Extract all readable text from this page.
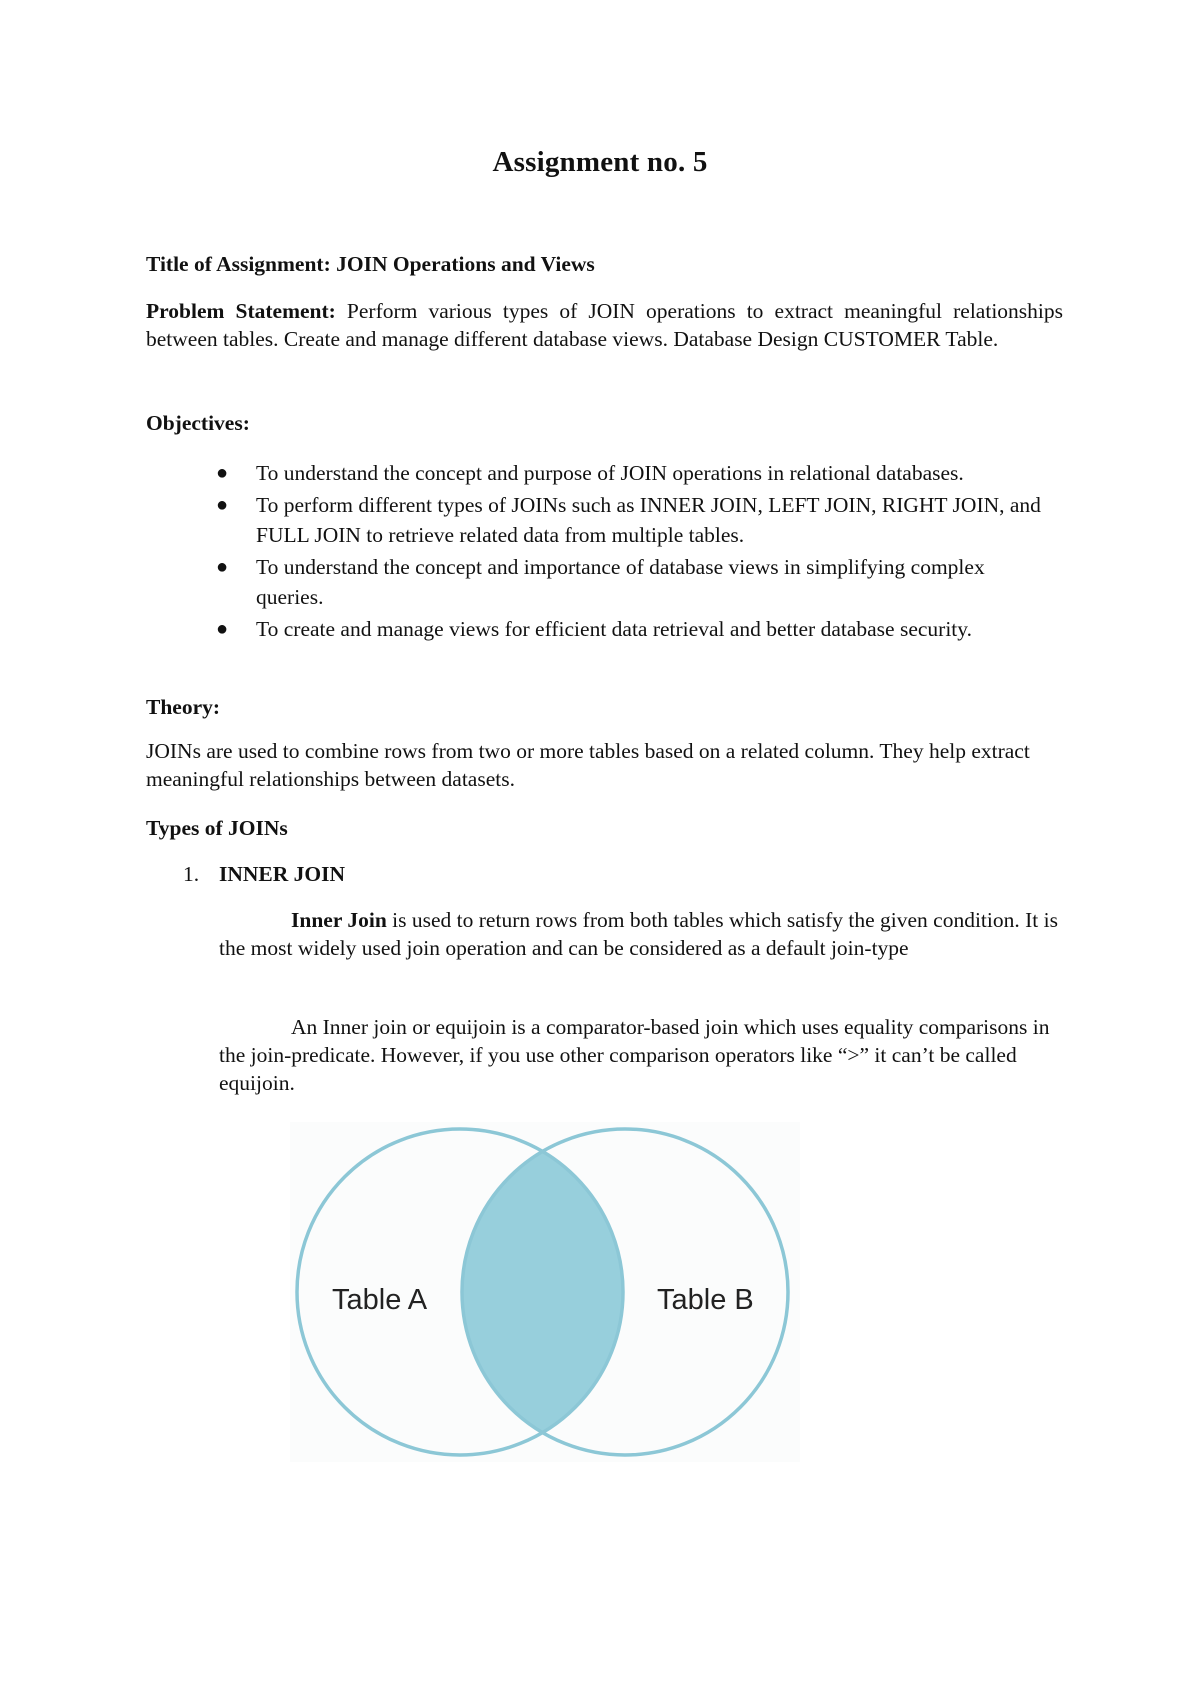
Assignment no. 5
Title of Assignment: JOIN Operations and Views
Problem Statement: Perform various types of JOIN operations to extract meaningful relationships between tables. Create and manage different database views. Database Design CUSTOMER Table.
Objectives:
● To understand the concept and purpose of JOIN operations in relational databases.
● To perform different types of JOINs such as INNER JOIN, LEFT JOIN, RIGHT JOIN, and FULL JOIN to retrieve related data from multiple tables.
● To understand the concept and importance of database views in simplifying complex queries.
● To create and manage views for efficient data retrieval and better database security.
Theory:
JOINs are used to combine rows from two or more tables based on a related column. They help extract meaningful relationships between datasets.
Types of JOINs
1. INNER JOIN
Inner Join is used to return rows from both tables which satisfy the given condition. It is the most widely used join operation and can be considered as a default join-type
An Inner join or equijoin is a comparator-based join which uses equality comparisons in the join-predicate. However, if you use other comparison operators like “>” it can’t be called equijoin.
Table A	Table B
